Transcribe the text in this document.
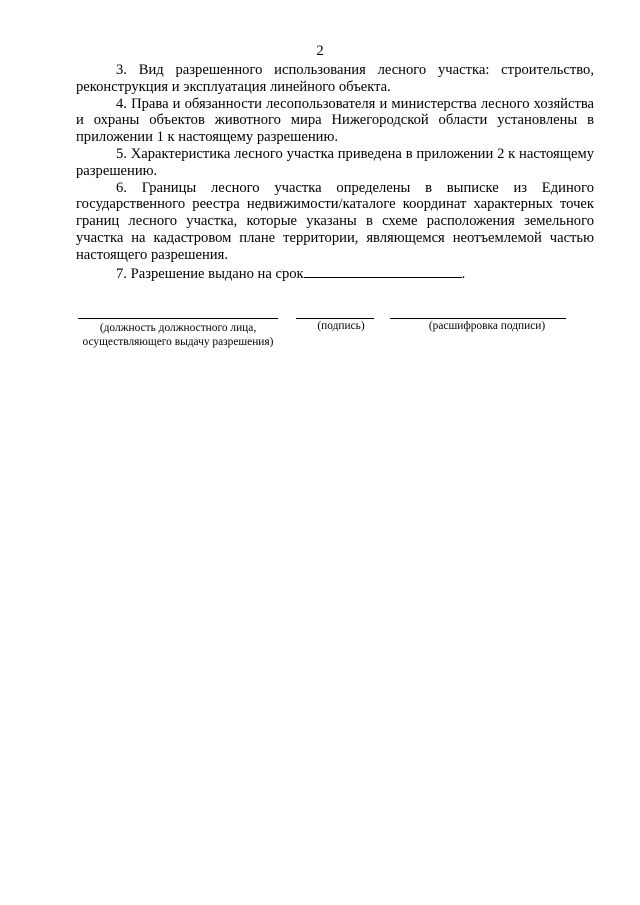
2

3. Вид разрешенного использования лесного участка: строительство, реконструкция и эксплуатация линейного объекта.

4. Права и обязанности лесопользователя и министерства лесного хозяйства и охраны объектов животного мира Нижегородской области установлены в приложении 1 к настоящему разрешению.

5. Характеристика лесного участка приведена в приложении 2 к настоящему разрешению.

6. Границы лесного участка определены в выписке из Единого государственного реестра недвижимости/каталоге координат характерных точек границ лесного участка, которые указаны в схеме расположения земельного участка на кадастровом плане территории, являющемся неотъемлемой частью настоящего разрешения.

7. Разрешение выдано на срок	.

(должность должностного лица,
осуществляющего выдачу разрешения)
(подпись)	(расшифровка подписи)
